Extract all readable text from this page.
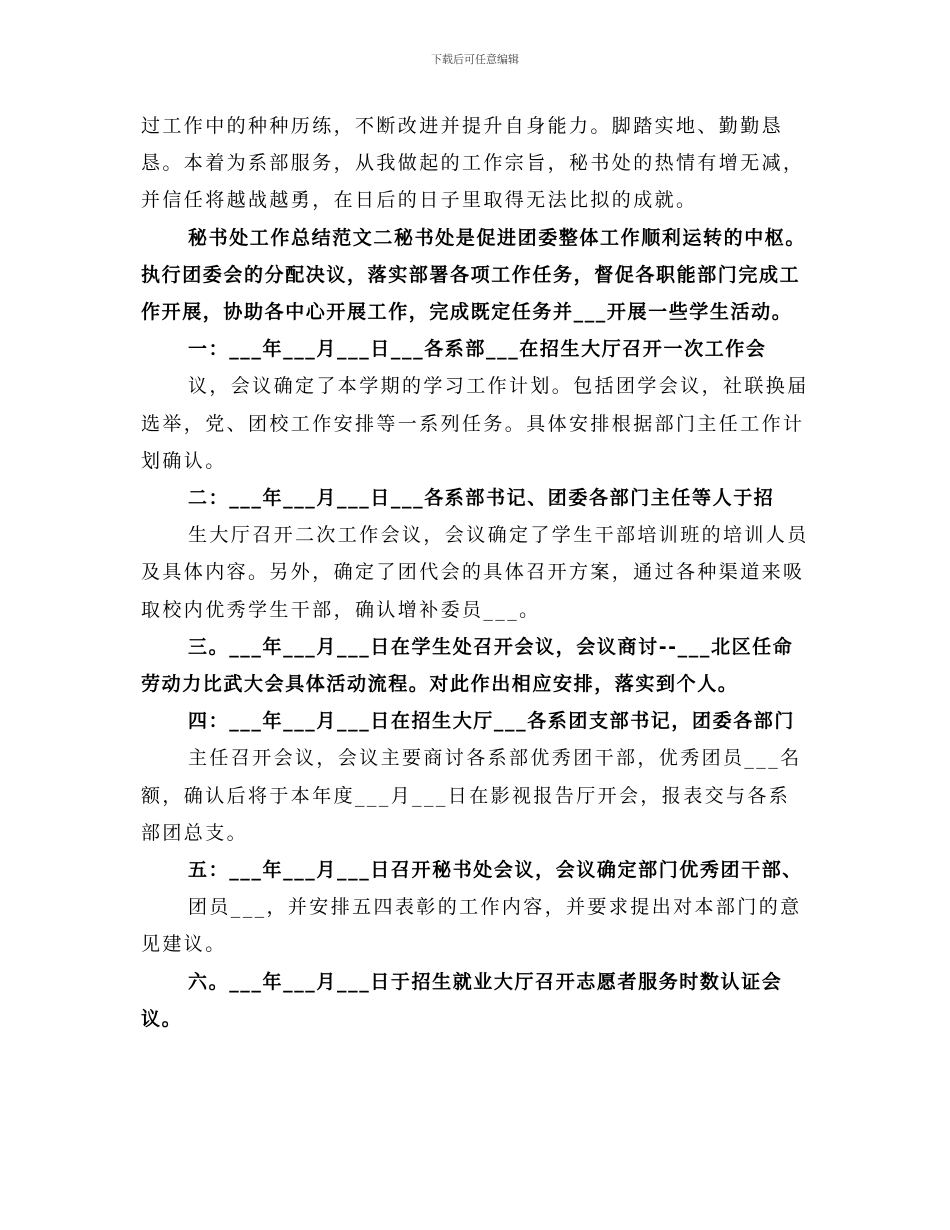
下载后可任意编辑

过工作中的种种历练，不断改进并提升自身能力。脚踏实地、勤勤恳恳。本着为系部服务，从我做起的工作宗旨，秘书处的热情有增无减，并信任将越战越勇，在日后的日子里取得无法比拟的成就。

秘书处工作总结范文二秘书处是促进团委整体工作顺利运转的中枢。执行团委会的分配决议，落实部署各项工作任务，督促各职能部门完成工作开展，协助各中心开展工作，完成既定任务并___开展一些学生活动。

一：___年___月___日___各系部___在招生大厅召开一次工作会

议，会议确定了本学期的学习工作计划。包括团学会议，社联换届选举，党、团校工作安排等一系列任务。具体安排根据部门主任工作计划确认。

二：___年___月___日___各系部书记、团委各部门主任等人于招

生大厅召开二次工作会议，会议确定了学生干部培训班的培训人员及具体内容。另外，确定了团代会的具体召开方案，通过各种渠道来吸取校内优秀学生干部，确认增补委员___。

三。___年___月___日在学生处召开会议，会议商讨--___北区任命劳动力比武大会具体活动流程。对此作出相应安排，落实到个人。

四：___年___月___日在招生大厅___各系团支部书记，团委各部门

主任召开会议，会议主要商讨各系部优秀团干部，优秀团员___名额，确认后将于本年度___月___日在影视报告厅开会，报表交与各系部团总支。

五：___年___月___日召开秘书处会议，会议确定部门优秀团干部、

团员___，并安排五四表彰的工作内容，并要求提出对本部门的意见建议。

六。___年___月___日于招生就业大厅召开志愿者服务时数认证会议。
